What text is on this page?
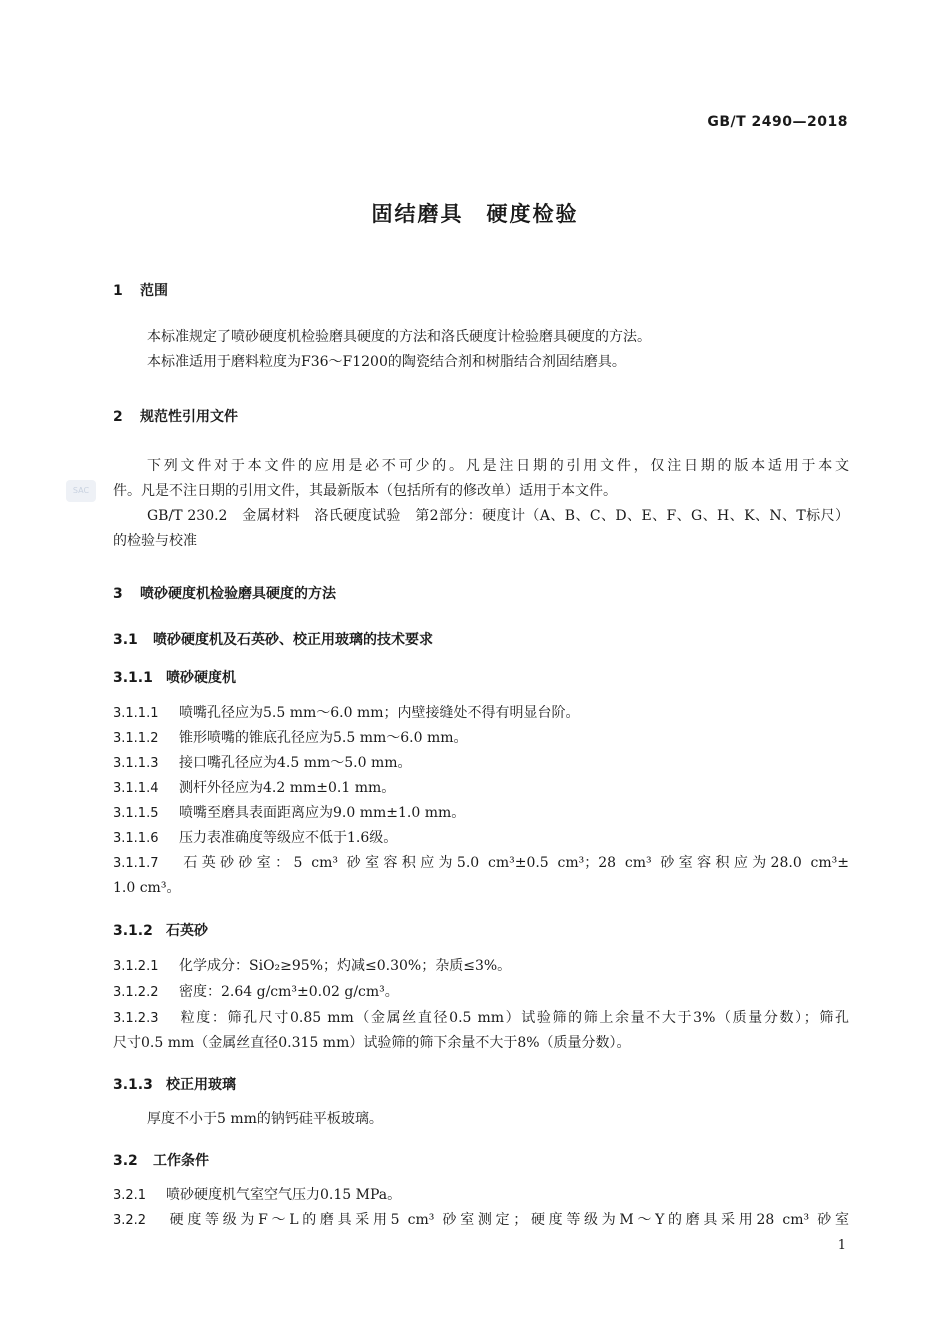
GB/T 2490—2018
固结磨具　硬度检验
SAC
1 范围
本标准规定了喷砂硬度机检验磨具硬度的方法和洛氏硬度计检验磨具硬度的方法。
本标准适用于磨料粒度为F36～F1200的陶瓷结合剂和树脂结合剂固结磨具。
2 规范性引用文件
下列文件对于本文件的应用是必不可少的。凡是注日期的引用文件，仅注日期的版本适用于本文
件。凡是不注日期的引用文件，其最新版本（包括所有的修改单）适用于本文件。
GB/T 230.2　金属材料　洛氏硬度试验　第2部分：硬度计（A、B、C、D、E、F、G、H、K、N、T标尺）
的检验与校准
3 喷砂硬度机检验磨具硬度的方法
3.1 喷砂硬度机及石英砂、校正用玻璃的技术要求
3.1.1 喷砂硬度机
3.1.1.1 喷嘴孔径应为5.5 mm～6.0 mm；内壁接缝处不得有明显台阶。
3.1.1.2 锥形喷嘴的锥底孔径应为5.5 mm～6.0 mm。
3.1.1.3 接口嘴孔径应为4.5 mm～5.0 mm。
3.1.1.4 测杆外径应为4.2 mm±0.1 mm。
3.1.1.5 喷嘴至磨具表面距离应为9.0 mm±1.0 mm。
3.1.1.6 压力表准确度等级应不低于1.6级。
3.1.1.7 石英砂砂室：5 cm³ 砂室容积应为5.0 cm³±0.5 cm³；28 cm³ 砂室容积应为28.0 cm³±
1.0 cm³。
3.1.2 石英砂
3.1.2.1 化学成分：SiO₂≥95%；灼减≤0.30%；杂质≤3%。
3.1.2.2 密度：2.64 g/cm³±0.02 g/cm³。
3.1.2.3 粒度：筛孔尺寸0.85 mm（金属丝直径0.5 mm）试验筛的筛上余量不大于3%（质量分数）；筛孔
尺寸0.5 mm（金属丝直径0.315 mm）试验筛的筛下余量不大于8%（质量分数）。
3.1.3 校正用玻璃
厚度不小于5 mm的钠钙硅平板玻璃。
3.2 工作条件
3.2.1 喷砂硬度机气室空气压力0.15 MPa。
3.2.2 硬度等级为F～L的磨具采用5 cm³ 砂室测定；硬度等级为M～Y的磨具采用28 cm³ 砂室
1
